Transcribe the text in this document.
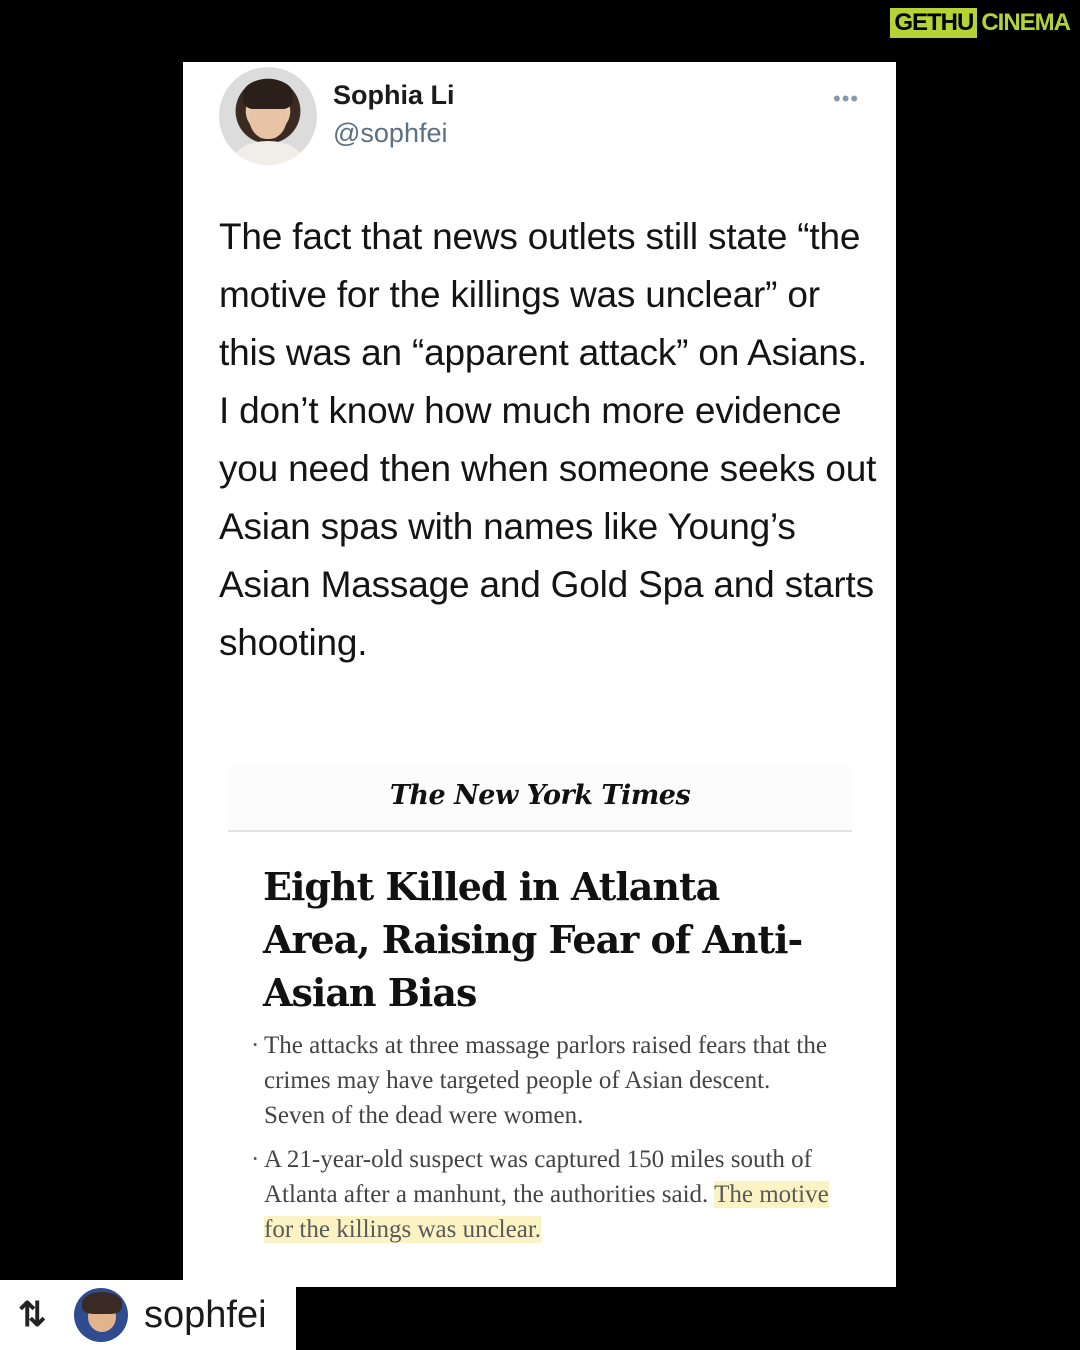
GETHU CINEMA
Sophia Li
@sophfei
•••
The fact that news outlets still state “the motive for the killings was unclear” or this was an “apparent attack” on Asians. I don’t know how much more evidence you need then when someone seeks out Asian spas with names like Young’s Asian Massage and Gold Spa and starts shooting.
The New York Times
Eight Killed in Atlanta Area, Raising Fear of Anti-Asian Bias
· The attacks at three massage parlors raised fears that the crimes may have targeted people of Asian descent. Seven of the dead were women.
· A 21-year-old suspect was captured 150 miles south of Atlanta after a manhunt, the authorities said. The motive for the killings was unclear.
⇅	sophfei
